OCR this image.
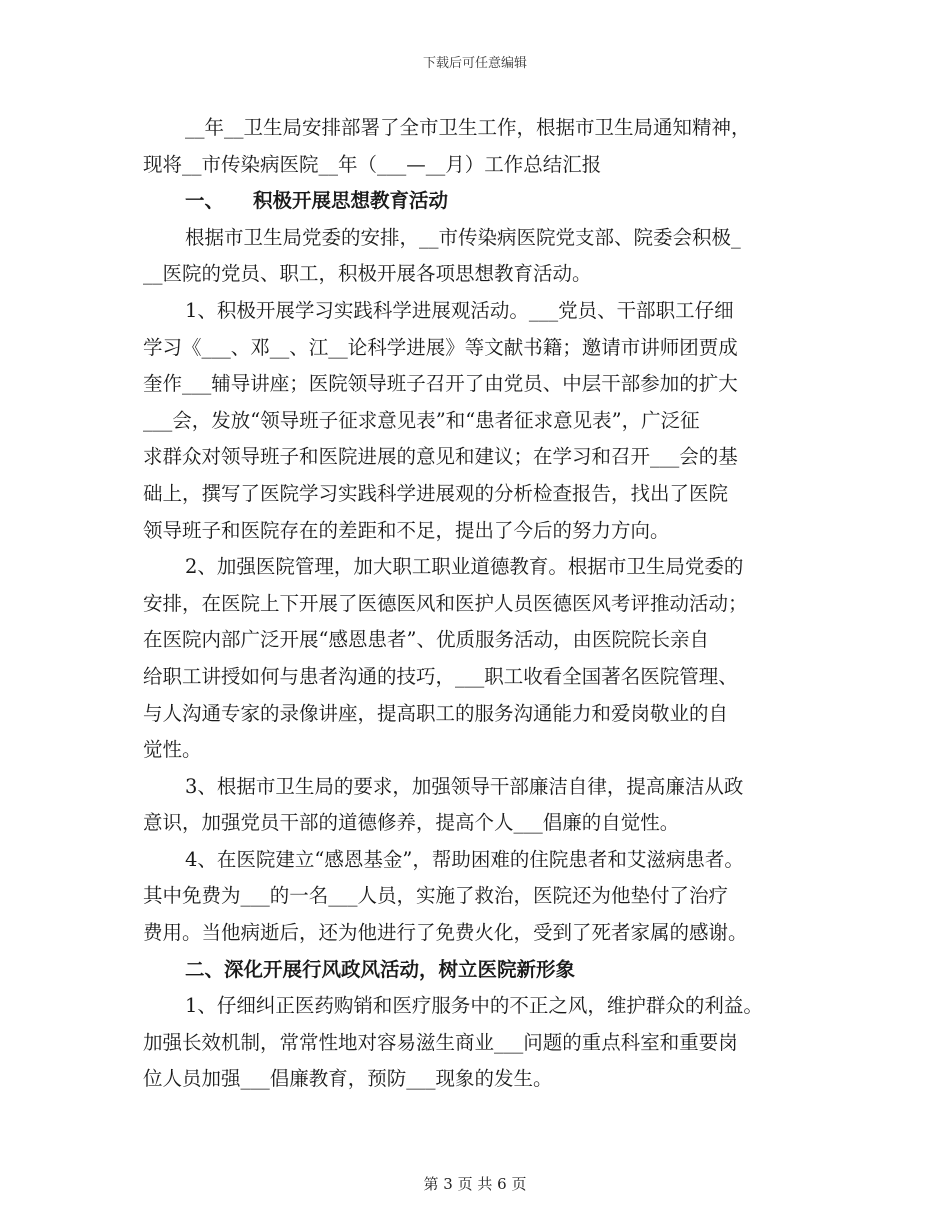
下载后可任意编辑
__年__卫生局安排部署了全市卫生工作，根据市卫生局通知精神，
现将__市传染病医院__年（___—__月）工作总结汇报
一、 积极开展思想教育活动
根据市卫生局党委的安排，__市传染病医院党支部、院委会积极_
__医院的党员、职工，积极开展各项思想教育活动。
1、积极开展学习实践科学进展观活动。___党员、干部职工仔细
学习《___、邓__、江__论科学进展》等文献书籍；邀请市讲师团贾成
奎作___辅导讲座；医院领导班子召开了由党员、中层干部参加的扩大
___会，发放“领导班子征求意见表”和“患者征求意见表”，广泛征
求群众对领导班子和医院进展的意见和建议；在学习和召开___会的基
础上，撰写了医院学习实践科学进展观的分析检查报告，找出了医院
领导班子和医院存在的差距和不足，提出了今后的努力方向。
2、加强医院管理，加大职工职业道德教育。根据市卫生局党委的
安排，在医院上下开展了医德医风和医护人员医德医风考评推动活动；
在医院内部广泛开展“感恩患者”、优质服务活动，由医院院长亲自
给职工讲授如何与患者沟通的技巧，___职工收看全国著名医院管理、
与人沟通专家的录像讲座，提高职工的服务沟通能力和爱岗敬业的自
觉性。
3、根据市卫生局的要求，加强领导干部廉洁自律，提高廉洁从政
意识，加强党员干部的道德修养，提高个人___倡廉的自觉性。
4、在医院建立“感恩基金”，帮助困难的住院患者和艾滋病患者。
其中免费为___的一名___人员，实施了救治，医院还为他垫付了治疗
费用。当他病逝后，还为他进行了免费火化，受到了死者家属的感谢。
二、深化开展行风政风活动，树立医院新形象
1、仔细纠正医药购销和医疗服务中的不正之风，维护群众的利益。
加强长效机制，常常性地对容易滋生商业___问题的重点科室和重要岗
位人员加强___倡廉教育，预防___现象的发生。
第 3 页 共 6 页
